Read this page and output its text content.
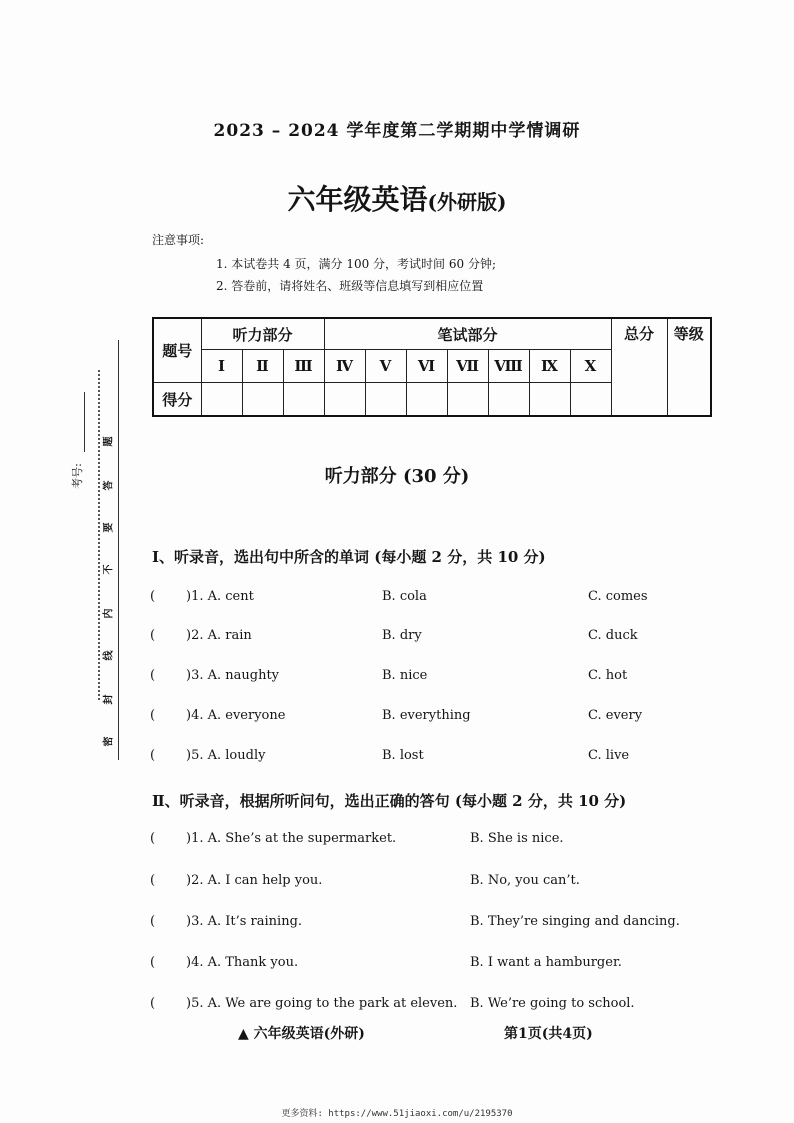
2023 – 2024 学年度第二学期期中学情调研
六年级英语(外研版)
注意事项:
1. 本试卷共 4 页，满分 100 分，考试时间 60 分钟;
2. 答卷前，请将姓名、班级等信息填写到相应位置
题号	听力部分			笔试部分							总分	等级
	Ⅰ	Ⅱ	Ⅲ	Ⅳ	Ⅴ	Ⅵ	Ⅶ	Ⅷ	Ⅸ	Ⅹ		
得分												
考号:
题
答
要
不
内
线
封
密
听力部分 (30 分)
Ⅰ、听录音，选出句中所含的单词 (每小题 2 分，共 10 分)
( )1. A. cent	B. cola	C. comes
( )2. A. rain	B. dry	C. duck
( )3. A. naughty	B. nice	C. hot
( )4. A. everyone	B. everything	C. every
( )5. A. loudly	B. lost	C. live
Ⅱ、听录音，根据所听问句，选出正确的答句 (每小题 2 分，共 10 分)
( )1. A. She’s at the supermarket.	B. She is nice.
( )2. A. I can help you.	B. No, you can’t.
( )3. A. It’s raining.	B. They’re singing and dancing.
( )4. A. Thank you.	B. I want a hamburger.
( )5. A. We are going to the park at eleven. B. We’re going to school.
▲ 六年级英语(外研)	第1页(共4页)
更多资料: https://www.51jiaoxi.com/u/2195370
